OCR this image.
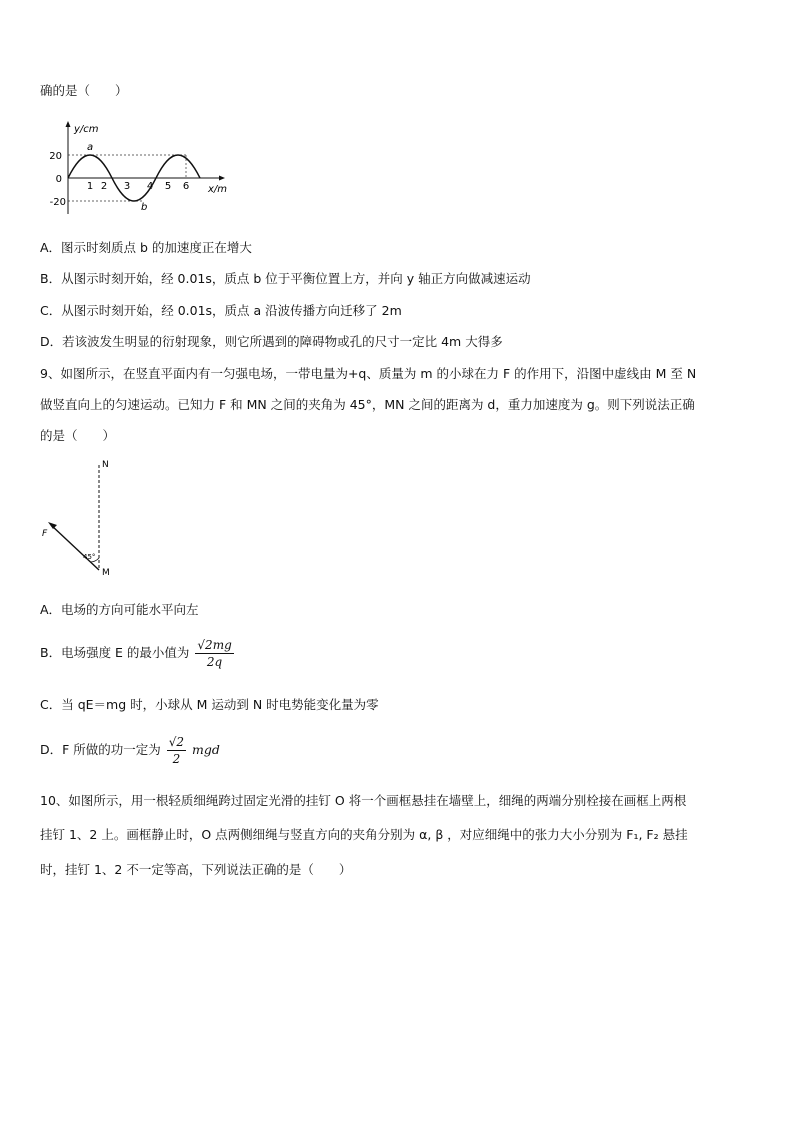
确的是（　　）
y/cm
x/m
20
0
-20
1 2 3 4 5 6
a
b
A．图示时刻质点 b 的加速度正在增大
B．从图示时刻开始，经 0.01s，质点 b 位于平衡位置上方，并向 y 轴正方向做减速运动
C．从图示时刻开始，经 0.01s，质点 a 沿波传播方向迁移了 2m
D．若该波发生明显的衍射现象，则它所遇到的障碍物或孔的尺寸一定比 4m 大得多
9、如图所示，在竖直平面内有一匀强电场，一带电量为+q、质量为 m 的小球在力 F 的作用下，沿图中虚线由 M 至 N
做竖直向上的匀速运动。已知力 F 和 MN 之间的夹角为 45°，MN 之间的距离为 d，重力加速度为 g。则下列说法正确
的是（　　）
N
F
M
45°
A．电场的方向可能水平向左
B．电场强度 E 的最小值为 $\frac{√2mg}{2q}$
C．当 qE＝mg 时，小球从 M 运动到 N 时电势能变化量为零
D．F 所做的功一定为 $\frac{√2}{2}$ mgd
10、如图所示，用一根轻质细绳跨过固定光滑的挂钉 O 将一个画框悬挂在墙壁上，细绳的两端分别栓接在画框上两根
挂钉 1、2 上。画框静止时，O 点两侧细绳与竖直方向的夹角分别为 α, β ，对应细绳中的张力大小分别为 F₁, F₂ 悬挂
时，挂钉 1、2 不一定等高，下列说法正确的是（　　）
